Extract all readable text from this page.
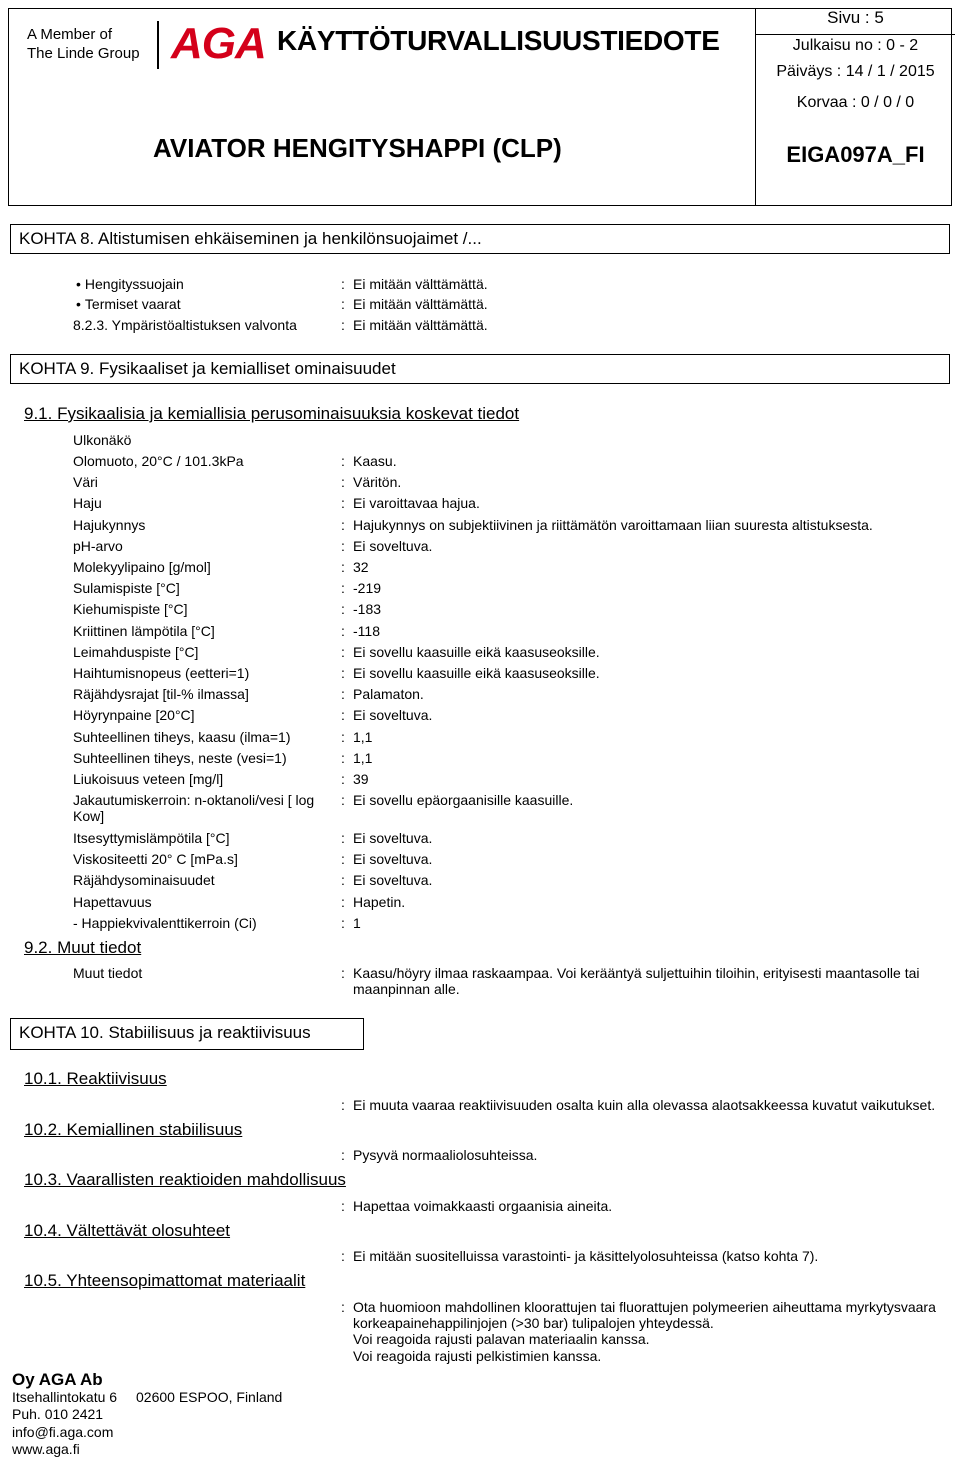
A Member of
The Linde Group AGA KÄYTTÖTURVALLISUUSTIEDOTE
AVIATOR HENGITYSHAPPI (CLP)
Sivu : 5
Julkaisu no : 0 - 2
Päiväys : 14 / 1 / 2015
Korvaa : 0 / 0 / 0
EIGA097A_FI
KOHTA 8. Altistumisen ehkäiseminen ja henkilönsuojaimet /...
• Hengityssuojain	: Ei mitään välttämättä.
• Termiset vaarat	: Ei mitään välttämättä.
8.2.3. Ympäristöaltistuksen valvonta	: Ei mitään välttämättä.
KOHTA 9. Fysikaaliset ja kemialliset ominaisuudet
9.1. Fysikaalisia ja kemiallisia perusominaisuuksia koskevat tiedot
Ulkonäkö
Olomuoto, 20°C / 101.3kPa	: Kaasu.
Väri	: Väritön.
Haju	: Ei varoittavaa hajua.
Hajukynnys	: Hajukynnys on subjektiivinen ja riittämätön varoittamaan liian suuresta altistuksesta.
pH-arvo	: Ei soveltuva.
Molekyylipaino [g/mol]	: 32
Sulamispiste [°C]	: -219
Kiehumispiste [°C]	: -183
Kriittinen lämpötila [°C]	: -118
Leimahduspiste [°C]	: Ei sovellu kaasuille eikä kaasuseoksille.
Haihtumisnopeus (eetteri=1)	: Ei sovellu kaasuille eikä kaasuseoksille.
Räjähdysrajat [til-% ilmassa]	: Palamaton.
Höyrynpaine [20°C]	: Ei soveltuva.
Suhteellinen tiheys, kaasu (ilma=1)	: 1,1
Suhteellinen tiheys, neste (vesi=1)	: 1,1
Liukoisuus veteen [mg/l]	: 39
Jakautumiskerroin: n-oktanoli/vesi [ log Kow]
: Ei sovellu epäorgaanisille kaasuille.
Itsesyttymislämpötila [°C]	: Ei soveltuva.
Viskositeetti 20° C [mPa.s]	: Ei soveltuva.
Räjähdysominaisuudet	: Ei soveltuva.
Hapettavuus	: Hapetin.
- Happiekvivalenttikerroin (Ci)	: 1
9.2. Muut tiedot
Muut tiedot	: Kaasu/höyry ilmaa raskaampaa. Voi kerääntyä suljettuihin tiloihin, erityisesti maantasolle tai maanpinnan alle.
KOHTA 10. Stabiilisuus ja reaktiivisuus
10.1. Reaktiivisuus
: Ei muuta vaaraa reaktiivisuuden osalta kuin alla olevassa alaotsakkeessa kuvatut vaikutukset.
10.2. Kemiallinen stabiilisuus
: Pysyvä normaaliolosuhteissa.
10.3. Vaarallisten reaktioiden mahdollisuus
: Hapettaa voimakkaasti orgaanisia aineita.
10.4. Vältettävät olosuhteet
: Ei mitään suositelluissa varastointi- ja käsittelyolosuhteissa (katso kohta 7).
10.5. Yhteensopimattomat materiaalit
: Ota huomioon mahdollinen kloorattujen tai fluorattujen polymeerien aiheuttama myrkytysvaara korkeapainehappilinjojen (>30 bar) tulipalojen yhteydessä.
Voi reagoida rajusti palavan materiaalin kanssa.
Voi reagoida rajusti pelkistimien kanssa.
Oy AGA Ab
Itsehallintokatu 6 02600 ESPOO, Finland
Puh. 010 2421
info@fi.aga.com
www.aga.fi
